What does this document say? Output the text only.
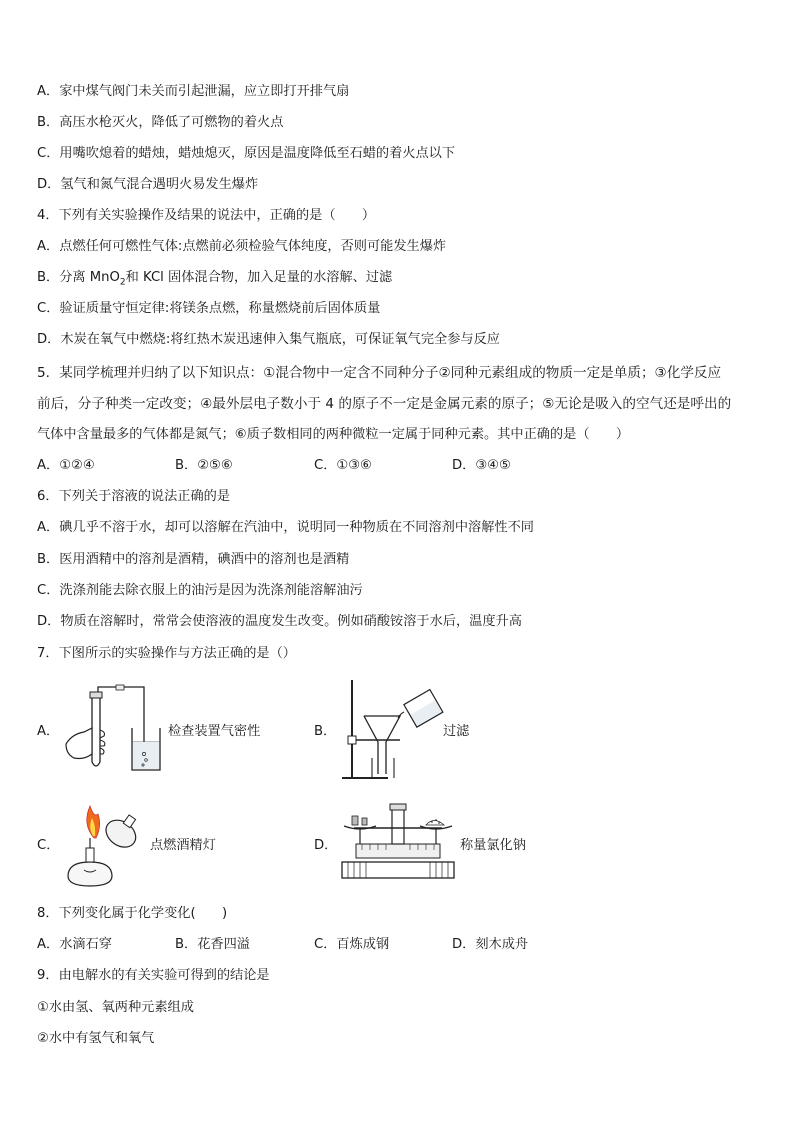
A．家中煤气阀门未关而引起泄漏，应立即打开排气扇
B．高压水枪灭火，降低了可燃物的着火点
C．用嘴吹熄着的蜡烛，蜡烛熄灭，原因是温度降低至石蜡的着火点以下
D．氢气和氮气混合遇明火易发生爆炸
4．下列有关实验操作及结果的说法中，正确的是（　　）
A．点燃任何可燃性气体:点燃前必须检验气体纯度，否则可能发生爆炸
B．分离 MnO$_2$和 KCl 固体混合物，加入足量的水溶解、过滤
C．验证质量守恒定律:将镁条点燃，称量燃烧前后固体质量
D．木炭在氧气中燃烧:将红热木炭迅速伸入集气瓶底，可保证氧气完全参与反应
5．某同学梳理并归纳了以下知识点：①混合物中一定含不同种分子②同种元素组成的物质一定是单质；③化学反应
前后，分子种类一定改变；④最外层电子数小于 4 的原子不一定是金属元素的原子；⑤无论是吸入的空气还是呼出的
气体中含量最多的气体都是氮气；⑥质子数相同的两种微粒一定属于同种元素。其中正确的是（　　）
A．①②④	B．②⑤⑥	C．①③⑥	D．③④⑤
6．下列关于溶液的说法正确的是
A．碘几乎不溶于水，却可以溶解在汽油中，说明同一种物质在不同溶剂中溶解性不同
B．医用酒精中的溶剂是酒精，碘酒中的溶剂也是酒精
C．洗涤剂能去除衣服上的油污是因为洗涤剂能溶解油污
D．物质在溶解时，常常会使溶液的温度发生改变。例如硝酸铵溶于水后，温度升高
7．下图所示的实验操作与方法正确的是（）
A．	检查装置气密性	B．	过滤
C．	点燃酒精灯	D．	称量氯化钠
8．下列变化属于化学变化(　　)
A．水滴石穿	B．花香四溢	C．百炼成钢	D．刻木成舟
9．由电解水的有关实验可得到的结论是
①水由氢、氧两种元素组成
②水中有氢气和氧气
